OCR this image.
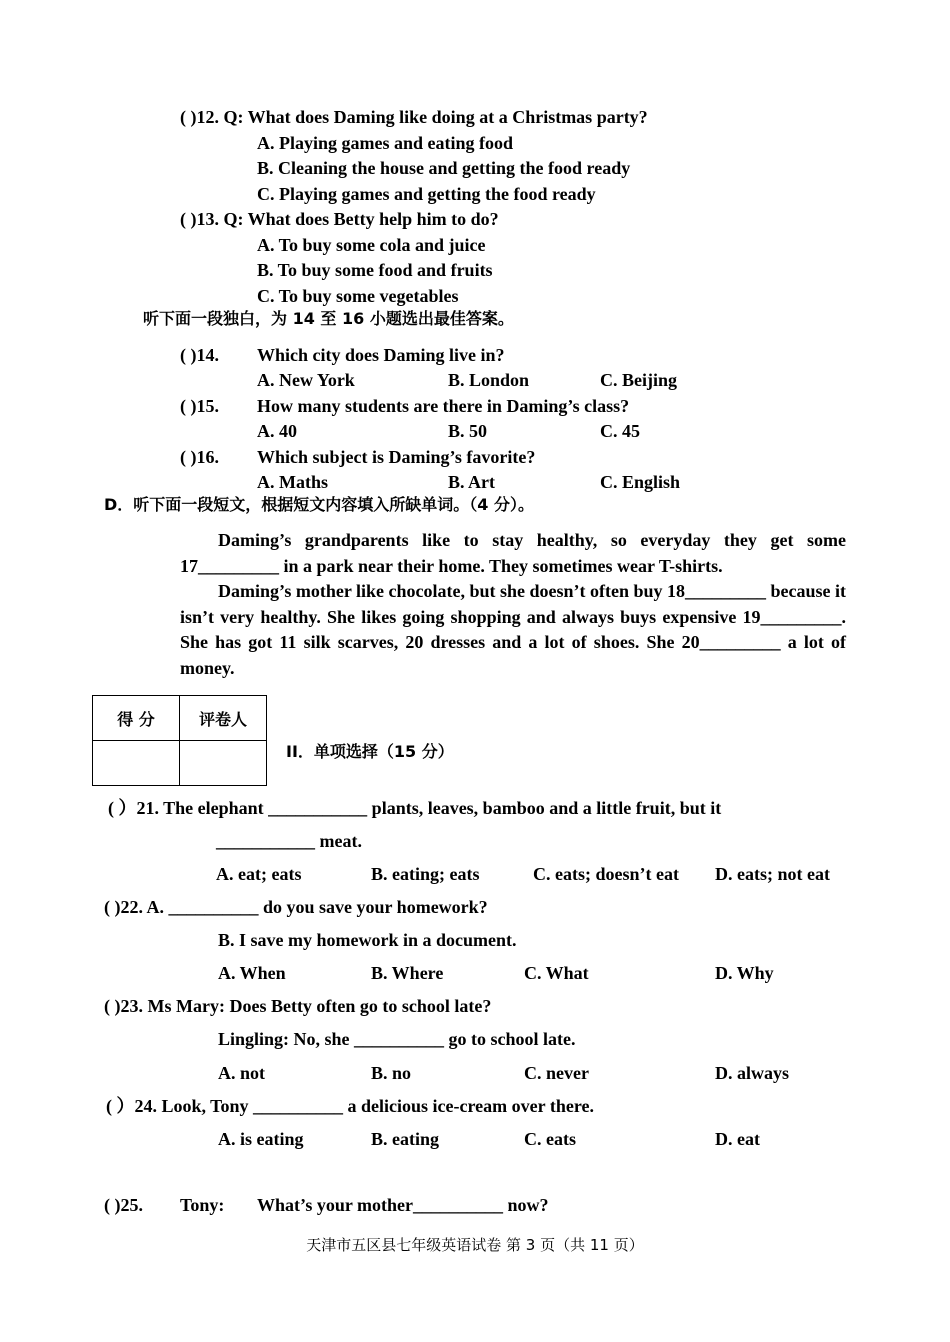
( )12. Q: What does Daming like doing at a Christmas party?
A. Playing games and eating food
B. Cleaning the house and getting the food ready
C. Playing games and getting the food ready
( )13. Q: What does Betty help him to do?
A. To buy some cola and juice
B. To buy some food and fruits
C. To buy some vegetables
听下面一段独白，为 14 至 16 小题选出最佳答案。
( )14. Which city does Daming live in?
A. New York	B. London	C. Beijing
( )15. How many students are there in Daming’s class?
A. 40	B. 50	C. 45
( )16. Which subject is Daming’s favorite?
A. Maths	B. Art	C. English
D．听下面一段短文，根据短文内容填入所缺单词。（4 分）。
Daming’s grandparents like to stay healthy, so everyday they get some 17_________ in a park near their home. They sometimes wear T-shirts.
Daming’s mother like chocolate, but she doesn’t often buy 18_________ because it isn’t very healthy. She likes going shopping and always buys expensive 19_________. She has got 11 silk scarves, 20 dresses and a lot of shoes. She 20_________ a lot of money.
得 分	评卷人

II．单项选择（15 分）
( ）21. The elephant ___________ plants, leaves, bamboo and a little fruit, but it
___________ meat.
A. eat; eats	B. eating; eats	C. eats; doesn’t eat D. eats; not eat
( )22. A. __________ do you save your homework?
B. I save my homework in a document.
A. When	B. Where	C. What	D. Why
( )23. Ms Mary: Does Betty often go to school late?
Lingling: No, she __________ go to school late.
A. not	B. no	C. never	D. always
( ）24. Look, Tony __________ a delicious ice-cream over there.
A. is eating	B. eating	C. eats	D. eat
( )25. Tony: What’s your mother__________ now?
天津市五区县七年级英语试卷 第 3 页（共 11 页）
